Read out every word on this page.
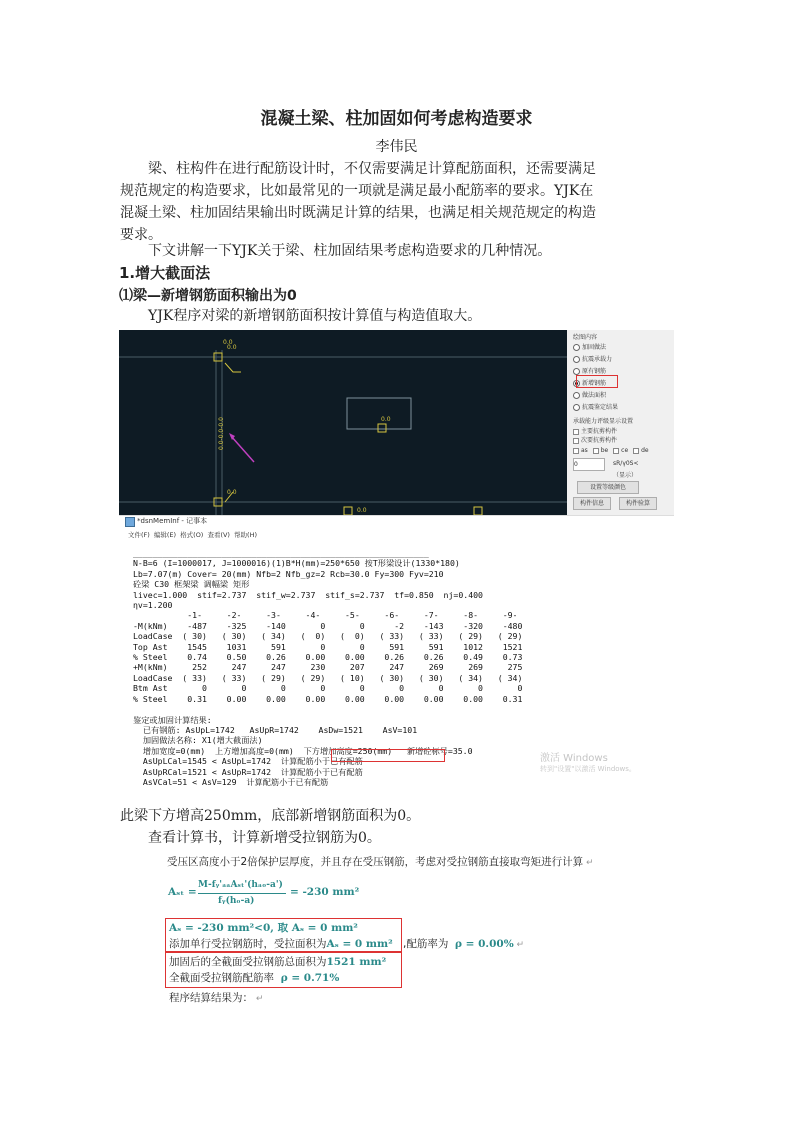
混凝土梁、柱加固如何考虑构造要求
李伟民
梁、柱构件在进行配筋设计时，不仅需要满足计算配筋面积，还需要满足
规范规定的构造要求，比如最常见的一项就是满足最小配筋率的要求。YJK在
混凝土梁、柱加固结果输出时既满足计算的结果，也满足相关规范规定的构造
要求。
下文讲解一下YJK关于梁、柱加固结果考虑构造要求的几种情况。
1.增大截面法
⑴梁—新增钢筋面积输出为0
YJK程序对梁的新增钢筋面积按计算值与构造值取大。
0.0
0.0
0.0
0.0
0.0
0.0-0.0-0.0
绘图内容
加固做法
抗震承载力
原有钢筋
新增钢筋
做法面积
抗震鉴定结果
承载能力评级显示设置
主要抗剪构件
次要抗剪构件
as be ce de
0	sR/γ0S<
（显示）
设置等级颜色
构件信息	构件验算
*dsnMemInf - 记事本
文件(F) 编辑(E) 格式(O) 查看(V) 帮助(H)
____________________________________________________________
N-B=6 (I=1000017, J=1000016)(1)B*H(mm)=250*650 按T形梁设计(1330*180)
Lb=7.07(m) Cover= 20(mm) Nfb=2 Nfb_gz=2 Rcb=30.0 Fy=300 Fyv=210
砼梁 C30 框架梁 调幅梁 矩形
livec=1.000  stif=2.737  stif_w=2.737  stif_s=2.737  tf=0.850  nj=0.400
ηv=1.200
-1-     -2-     -3-     -4-     -5-     -6-     -7-     -8-     -9-
-M(kNm)    -487    -325    -140       0       0      -2    -143    -320    -480
LoadCase  ( 30)   ( 30)   ( 34)   (  0)   (  0)   ( 33)   ( 33)   ( 29)   ( 29)
Top Ast    1545    1031     591       0       0     591     591    1012    1521
% Steel    0.74    0.50    0.26    0.00    0.00    0.26    0.26    0.49    0.73
+M(kNm)     252     247     247     230     207     247     269     269     275
LoadCase  ( 33)   ( 33)   ( 29)   ( 29)   ( 10)   ( 30)   ( 30)   ( 34)   ( 34)
Btm Ast       0       0       0       0       0       0       0       0       0
% Steel    0.31    0.00    0.00    0.00    0.00    0.00    0.00    0.00    0.31

鉴定或加固计算结果:
已有钢筋: AsUpL=1742   AsUpR=1742    AsDw=1521    AsV=101
加固做法名称: X1(增大截面法)
增加宽度=0(mm)  上方增加高度=0(mm)  下方增加高度=250(mm)   新增砼标号=35.0
AsUpLCal=1545 < AsUpL=1742  计算配筋小于已有配筋
AsUpRCal=1521 < AsUpR=1742  计算配筋小于已有配筋
AsVCal=51 < AsV=129  计算配筋小于已有配筋
激活 Windows
转到"设置"以激活 Windows。
此梁下方增高250mm，底部新增钢筋面积为0。
查看计算书，计算新增受拉钢筋为0。
受压区高度小于2倍保护层厚度，并且存在受压钢筋，考虑对受拉钢筋直接取弯矩进行计算 ↵
Aₛₜ =
M-fᵧ'ₐₐAₛₜ'(hₐₒ-a')
fᵧ(hₒ-a)
= -230 mm²
Aₛ = -230 mm²<0, 取 Aₛ = 0 mm²
添加单行受拉钢筋时，受拉面积为Aₛ = 0 mm² ,配筋率为 ρ = 0.00% ↵
加固后的全截面受拉钢筋总面积为1521 mm²
全截面受拉钢筋配筋率 ρ = 0.71%
程序结算结果为： ↵
